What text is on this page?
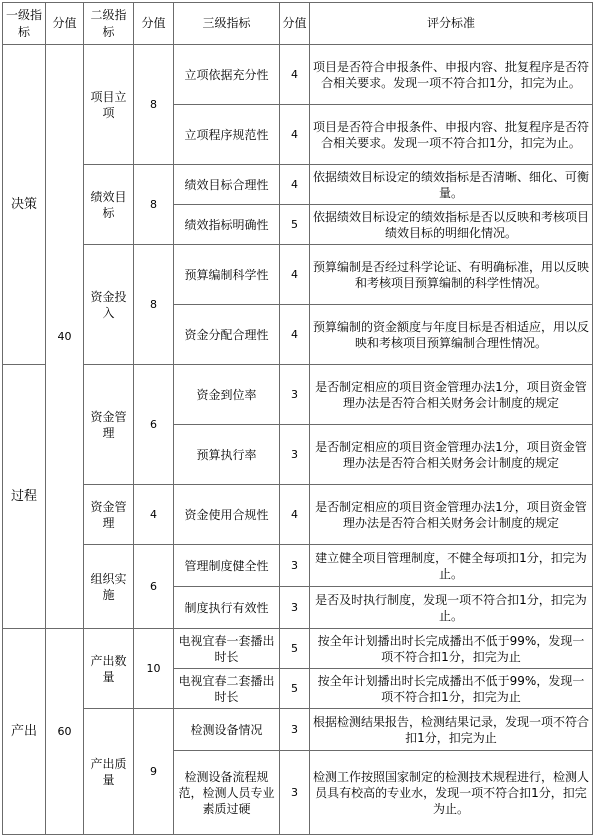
一级指标	分值	二级指标	分值	三级指标	分值	评分标准
决策	40	项目立项	8	立项依据充分性	4	项目是否符合申报条件、申报内容、批复程序是否符合相关要求。发现一项不符合扣1分，扣完为止。
				立项程序规范性	4	项目是否符合申报条件、申报内容、批复程序是否符合相关要求。发现一项不符合扣1分，扣完为止。
		绩效目标	8	绩效目标合理性	4	依据绩效目标设定的绩效指标是否清晰、细化、可衡量。
				绩效指标明确性	5	依据绩效目标设定的绩效指标是否以反映和考核项目绩效目标的明细化情况。
		资金投入	8	预算编制科学性	4	预算编制是否经过科学论证、有明确标准，用以反映和考核项目预算编制的科学性情况。
				资金分配合理性	4	预算编制的资金额度与年度目标是否相适应，用以反映和考核项目预算编制合理性情况。
过程		资金管理	6	资金到位率	3	是否制定相应的项目资金管理办法1分，项目资金管理办法是否符合相关财务会计制度的规定
				预算执行率	3	是否制定相应的项目资金管理办法1分，项目资金管理办法是否符合相关财务会计制度的规定
		资金管理	4	资金使用合规性	4	是否制定相应的项目资金管理办法1分，项目资金管理办法是否符合相关财务会计制度的规定
		组织实施	6	管理制度健全性	3	建立健全项目管理制度，不健全每项扣1分，扣完为止。
				制度执行有效性	3	是否及时执行制度，发现一项不符合扣1分，扣完为止。
产出	60	产出数量	10	电视宜春一套播出时长	5	按全年计划播出时长完成播出不低于99%，发现一项不符合扣1分，扣完为止
				电视宜春二套播出时长	5	按全年计划播出时长完成播出不低于99%，发现一项不符合扣1分，扣完为止
		产出质量	9	检测设备情况	3	根据检测结果报告，检测结果记录，发现一项不符合扣1分，扣完为止
				检测设备流程规范，检测人员专业素质过硬	3	检测工作按照国家制定的检测技术规程进行，检测人员具有校高的专业水，发现一项不符合扣1分，扣完为止。
